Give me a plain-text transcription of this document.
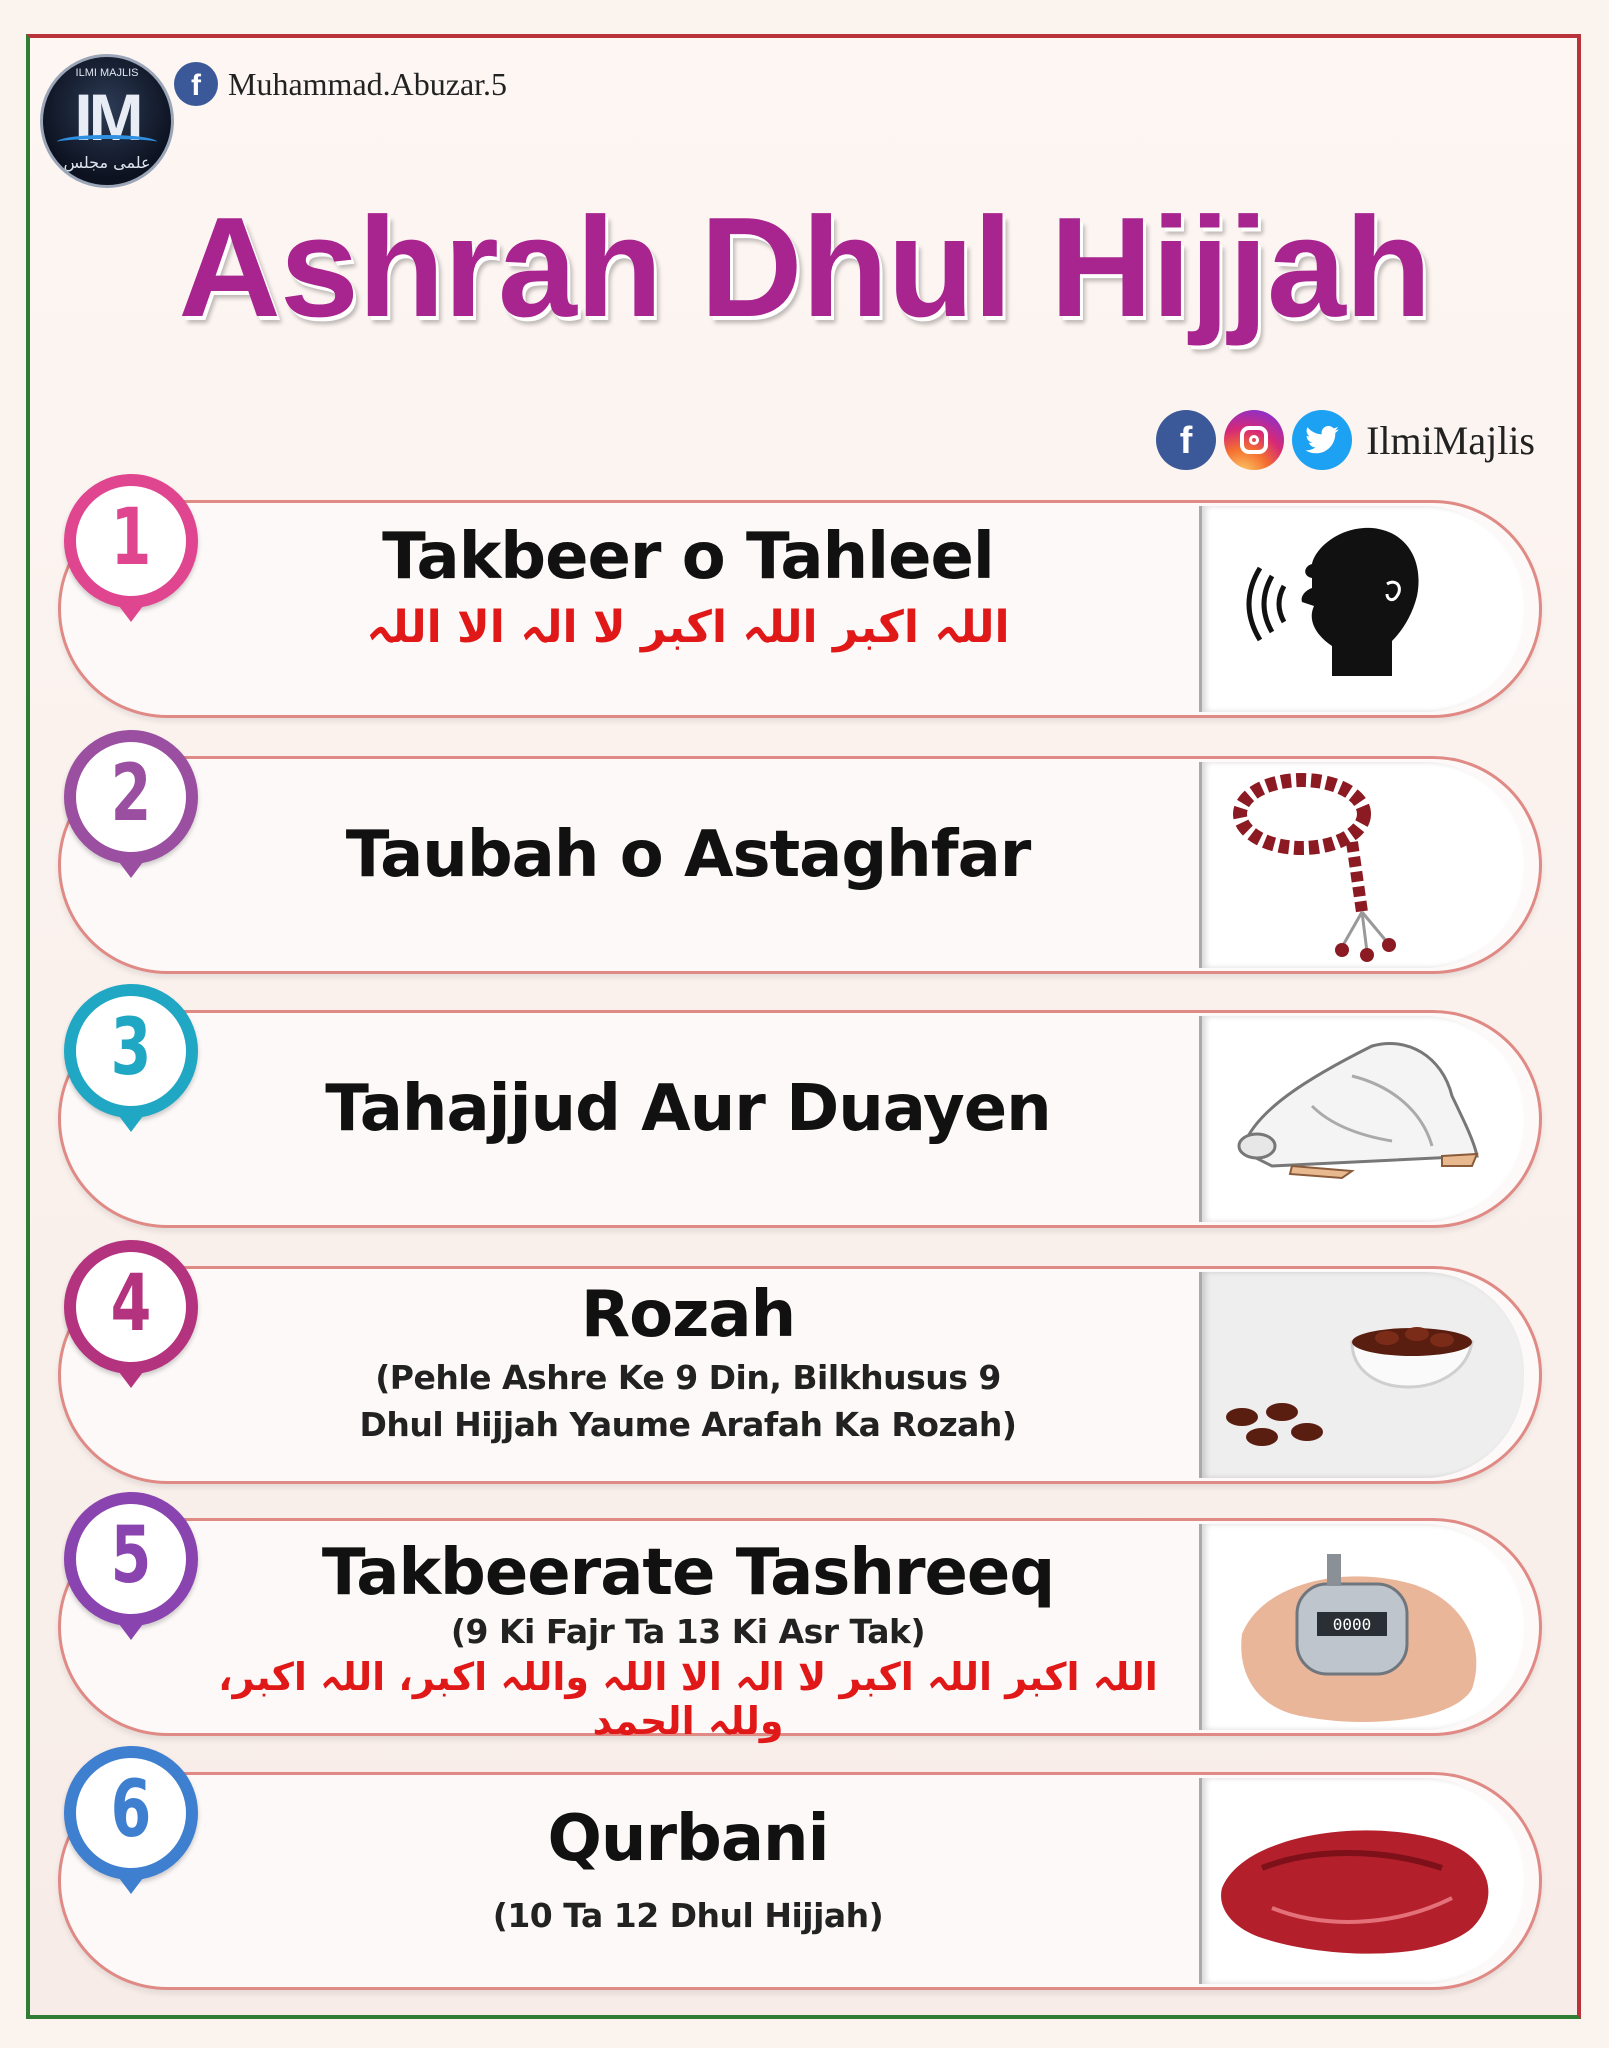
ILMI MAJLIS
IM
علمی مجلس
f Muhammad.Abuzar.5
Ashrah Dhul Hijjah
f	IlmiMajlis
1	Takbeer o Tahleel
اللہ اکبر اللہ اکبر لا الہ الا اللہ
2
Taubah o Astaghfar
3
Tahajjud Aur Duayen
4	Rozah
(Pehle Ashre Ke 9 Din, Bilkhusus 9
Dhul Hijjah Yaume Arafah Ka Rozah)
5	Takbeerate Tashreeq
(9 Ki Fajr Ta 13 Ki Asr Tak)
اللہ اکبر اللہ اکبر لا الہ الا اللہ واللہ اکبر، اللہ اکبر، وللہ الحمد
0000
6	Qurbani
(10 Ta 12 Dhul Hijjah)
